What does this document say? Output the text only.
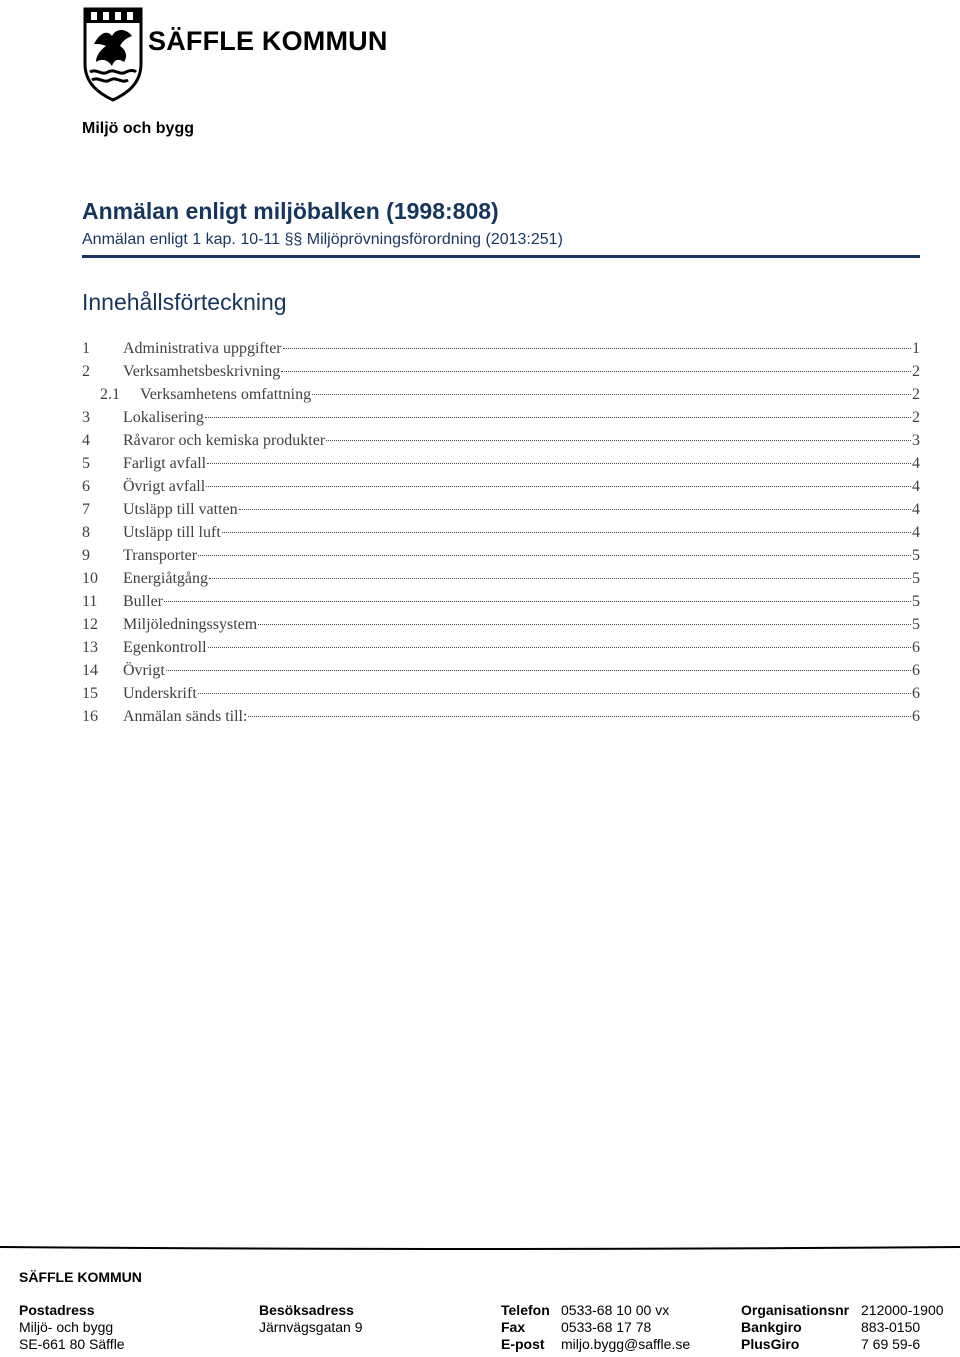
SÄFFLE KOMMUN
Miljö och bygg
Anmälan enligt miljöbalken (1998:808)
Anmälan enligt 1 kap. 10-11 §§ Miljöprövningsförordning (2013:251)
Innehållsförteckning
1	Administrativa uppgifter	1
2	Verksamhetsbeskrivning	2
2.1	Verksamhetens omfattning	2
3	Lokalisering	2
4	Råvaror och kemiska produkter	3
5	Farligt avfall	4
6	Övrigt avfall	4
7	Utsläpp till vatten	4
8	Utsläpp till luft	4
9	Transporter	5
10	Energiåtgång	5
11	Buller	5
12	Miljöledningssystem	5
13	Egenkontroll	6
14	Övrigt	6
15	Underskrift	6
16	Anmälan sänds till:	6
SÄFFLE KOMMUN
Postadress
Miljö- och bygg
SE-661 80 Säffle
Besöksadress
Järnvägsgatan 9
Telefon 0533-68 10 00 vx
Fax	0533-68 17 78
E-post	miljo.bygg@saffle.se
Organisationsnr 212000-1900
Bankgiro	883-0150
PlusGiro	7 69 59-6
